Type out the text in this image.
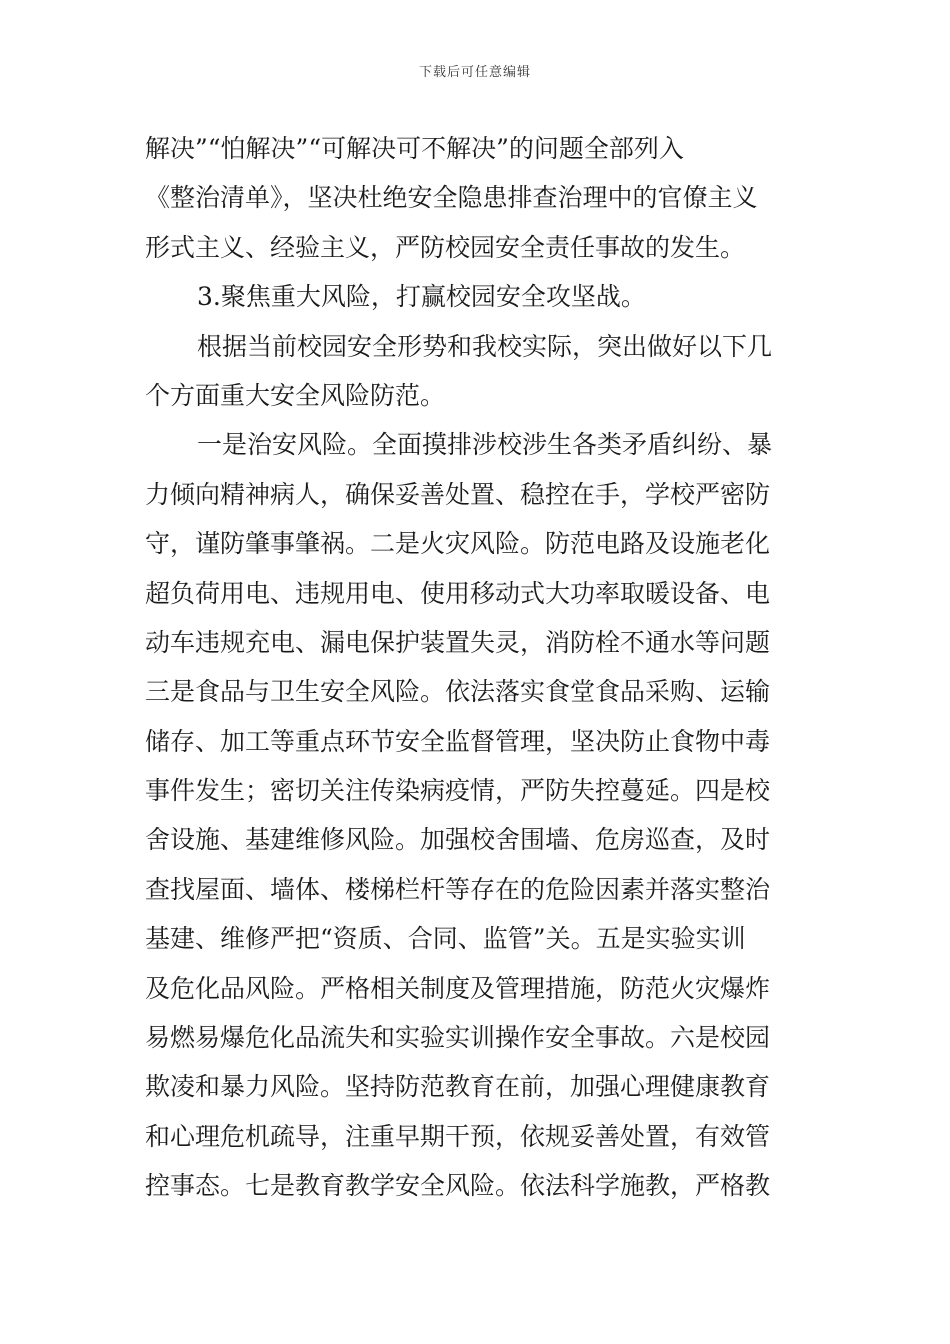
下载后可任意编辑
解决”“怕解决”“可解决可不解决”的问题全部列入
《整治清单》，坚决杜绝安全隐患排查治理中的官僚主义
形式主义、经验主义，严防校园安全责任事故的发生。
3.聚焦重大风险，打赢校园安全攻坚战。
根据当前校园安全形势和我校实际，突出做好以下几
个方面重大安全风险防范。
一是治安风险。全面摸排涉校涉生各类矛盾纠纷、暴
力倾向精神病人，确保妥善处置、稳控在手，学校严密防
守，谨防肇事肇祸。二是火灾风险。防范电路及设施老化
超负荷用电、违规用电、使用移动式大功率取暖设备、电
动车违规充电、漏电保护装置失灵，消防栓不通水等问题
三是食品与卫生安全风险。依法落实食堂食品采购、运输
储存、加工等重点环节安全监督管理，坚决防止食物中毒
事件发生；密切关注传染病疫情，严防失控蔓延。四是校
舍设施、基建维修风险。加强校舍围墙、危房巡查，及时
查找屋面、墙体、楼梯栏杆等存在的危险因素并落实整治
基建、维修严把“资质、合同、监管”关。五是实验实训
及危化品风险。严格相关制度及管理措施，防范火灾爆炸
易燃易爆危化品流失和实验实训操作安全事故。六是校园
欺凌和暴力风险。坚持防范教育在前，加强心理健康教育
和心理危机疏导，注重早期干预，依规妥善处置，有效管
控事态。七是教育教学安全风险。依法科学施教，严格教
